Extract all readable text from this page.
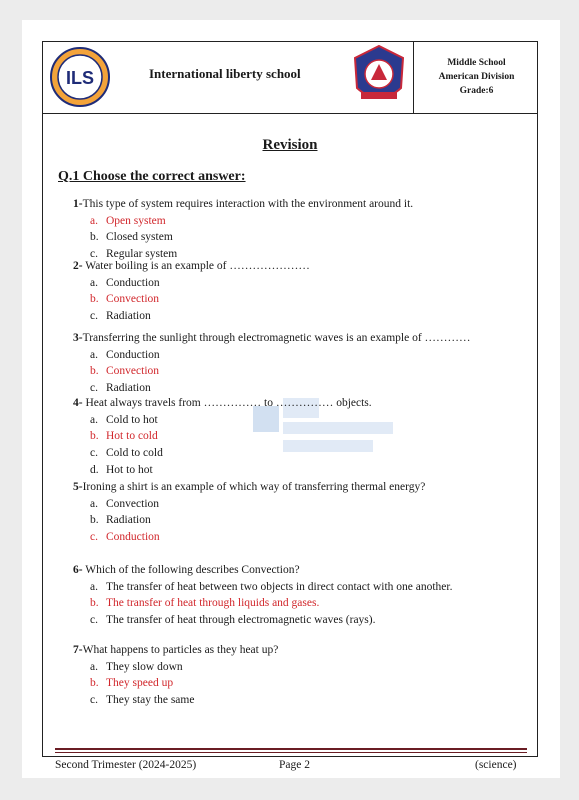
ILS	International liberty school
Middle School
American Division
Grade:6
Revision
Q.1 Choose the correct answer:
1-This type of system requires interaction with the environment around it.
a. Open system
b. Closed system
c. Regular system
2- Water boiling is an example of …………………
a. Conduction
b. Convection
c. Radiation
3-Transferring the sunlight through electromagnetic waves is an example of …………
a. Conduction
b. Convection
c. Radiation
4- Heat always travels from …………… to …………… objects.
a. Cold to hot
b. Hot to cold
c. Cold to cold
d. Hot to hot
5-Ironing a shirt is an example of which way of transferring thermal energy?
a. Convection
b. Radiation
c. Conduction
6- Which of the following describes Convection?
a. The transfer of heat between two objects in direct contact with one another.
b. The transfer of heat through liquids and gases.
c. The transfer of heat through electromagnetic waves (rays).
7-What happens to particles as they heat up?
a. They slow down
b. They speed up
c. They stay the same
Second Trimester (2024-2025)	Page 2	(science)
